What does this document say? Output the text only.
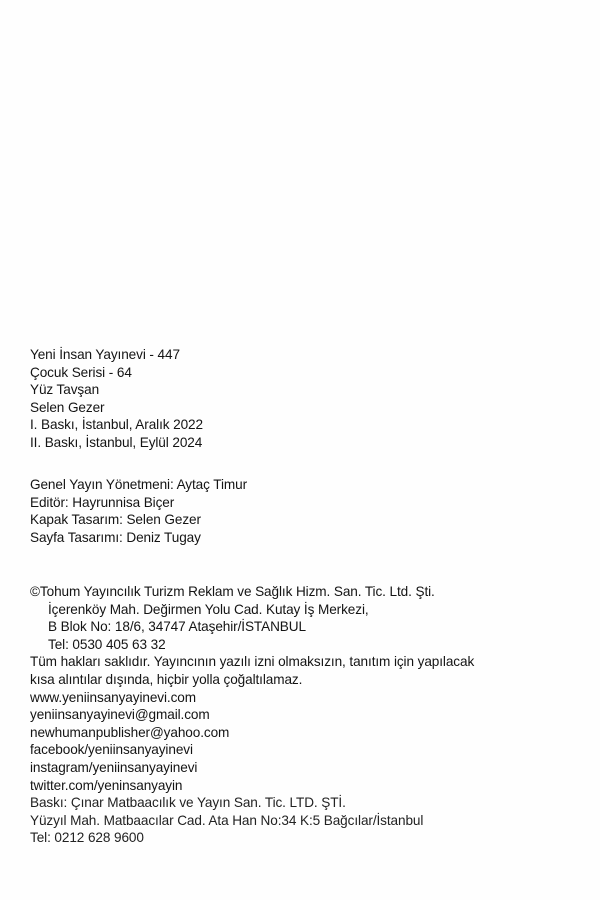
Yeni İnsan Yayınevi - 447
Çocuk Serisi - 64
Yüz Tavşan
Selen Gezer
I. Baskı, İstanbul, Aralık 2022
II. Baskı, İstanbul, Eylül 2024
Genel Yayın Yönetmeni: Aytaç Timur
Editör: Hayrunnisa Biçer
Kapak Tasarım: Selen Gezer
Sayfa Tasarımı: Deniz Tugay
©Tohum Yayıncılık Turizm Reklam ve Sağlık Hizm. San. Tic. Ltd. Şti.
İçerenköy Mah. Değirmen Yolu Cad. Kutay İş Merkezi,
B Blok No: 18/6, 34747 Ataşehir/İSTANBUL
Tel: 0530 405 63 32
Tüm hakları saklıdır. Yayıncının yazılı izni olmaksızın, tanıtım için yapılacak
kısa alıntılar dışında, hiçbir yolla çoğaltılamaz.
www.yeniinsanyayinevi.com
yeniinsanyayinevi@gmail.com
newhumanpublisher@yahoo.com
facebook/yeniinsanyayinevi
instagram/yeniinsanyayinevi
twitter.com/yeninsanyayin
Baskı: Çınar Matbaacılık ve Yayın San. Tic. LTD. ŞTİ.
Yüzyıl Mah. Matbaacılar Cad. Ata Han No:34 K:5 Bağcılar/İstanbul
Tel: 0212 628 9600
